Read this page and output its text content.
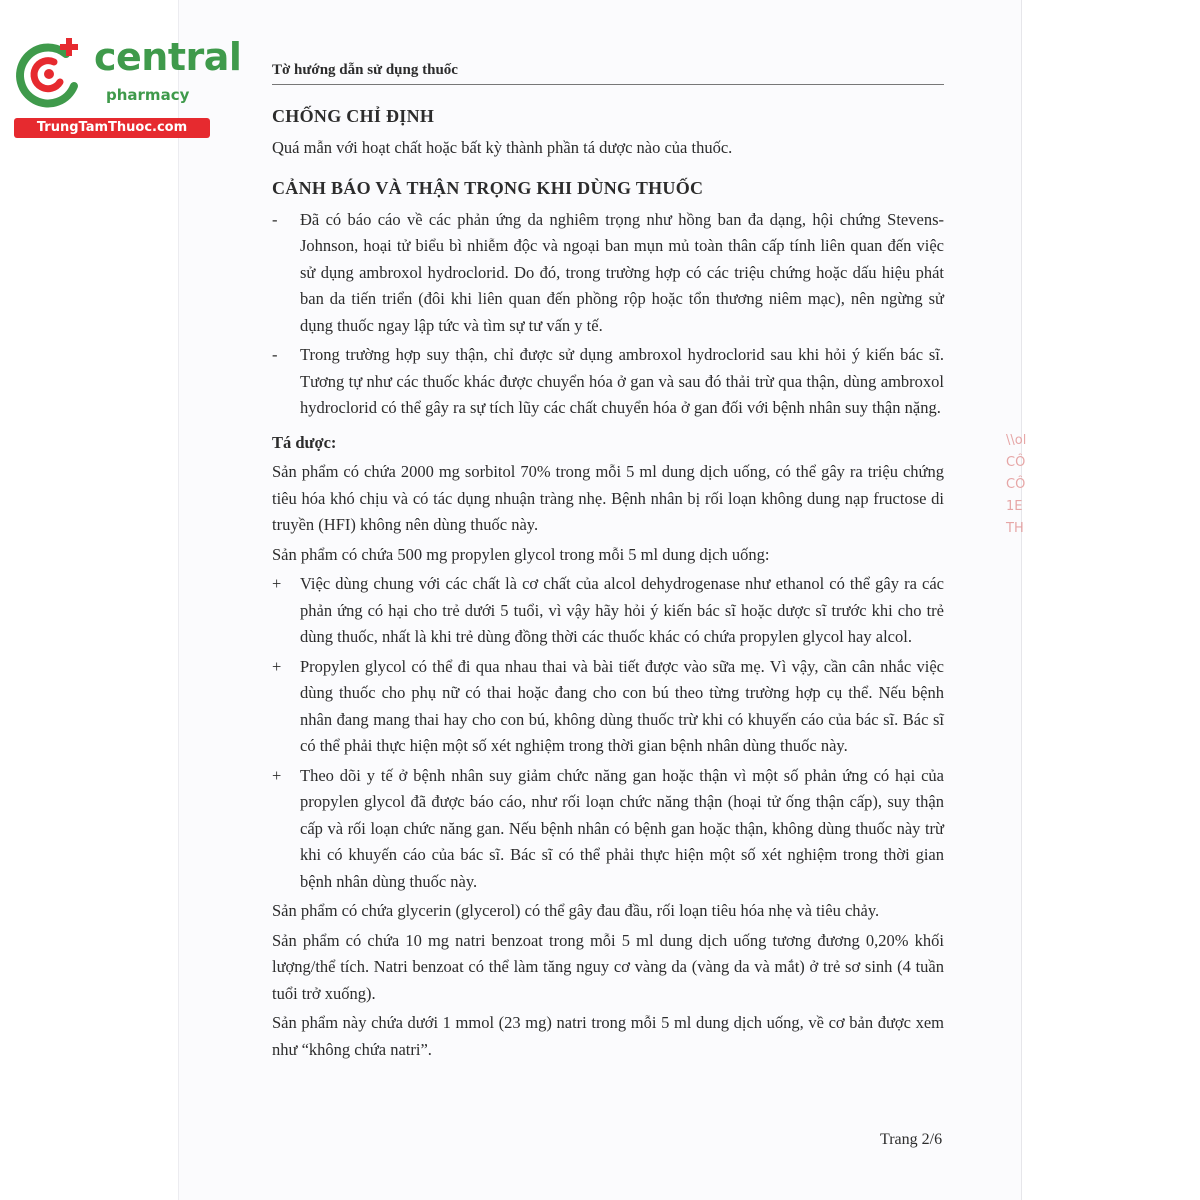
central
pharmacy
TrungTamThuoc.com
Tờ hướng dẫn sử dụng thuốc
CHỐNG CHỈ ĐỊNH
Quá mẫn với hoạt chất hoặc bất kỳ thành phần tá dược nào của thuốc.
CẢNH BÁO VÀ THẬN TRỌNG KHI DÙNG THUỐC
-	Đã có báo cáo về các phản ứng da nghiêm trọng như hồng ban đa dạng, hội chứng Stevens-Johnson, hoại tử biểu bì nhiễm độc và ngoại ban mụn mủ toàn thân cấp tính liên quan đến việc sử dụng ambroxol hydroclorid. Do đó, trong trường hợp có các triệu chứng hoặc dấu hiệu phát ban da tiến triển (đôi khi liên quan đến phồng rộp hoặc tổn thương niêm mạc), nên ngừng sử dụng thuốc ngay lập tức và tìm sự tư vấn y tế.
-	Trong trường hợp suy thận, chỉ được sử dụng ambroxol hydroclorid sau khi hỏi ý kiến bác sĩ. Tương tự như các thuốc khác được chuyển hóa ở gan và sau đó thải trừ qua thận, dùng ambroxol hydroclorid có thể gây ra sự tích lũy các chất chuyển hóa ở gan đối với bệnh nhân suy thận nặng.
Tá dược:
Sản phẩm có chứa 2000 mg sorbitol 70% trong mỗi 5 ml dung dịch uống, có thể gây ra triệu chứng tiêu hóa khó chịu và có tác dụng nhuận tràng nhẹ. Bệnh nhân bị rối loạn không dung nạp fructose di truyền (HFI) không nên dùng thuốc này.
Sản phẩm có chứa 500 mg propylen glycol trong mỗi 5 ml dung dịch uống:
+	Việc dùng chung với các chất là cơ chất của alcol dehydrogenase như ethanol có thể gây ra các phản ứng có hại cho trẻ dưới 5 tuổi, vì vậy hãy hỏi ý kiến bác sĩ hoặc dược sĩ trước khi cho trẻ dùng thuốc, nhất là khi trẻ dùng đồng thời các thuốc khác có chứa propylen glycol hay alcol.
+	Propylen glycol có thể đi qua nhau thai và bài tiết được vào sữa mẹ. Vì vậy, cần cân nhắc việc dùng thuốc cho phụ nữ có thai hoặc đang cho con bú theo từng trường hợp cụ thể. Nếu bệnh nhân đang mang thai hay cho con bú, không dùng thuốc trừ khi có khuyến cáo của bác sĩ. Bác sĩ có thể phải thực hiện một số xét nghiệm trong thời gian bệnh nhân dùng thuốc này.
+	Theo dõi y tế ở bệnh nhân suy giảm chức năng gan hoặc thận vì một số phản ứng có hại của propylen glycol đã được báo cáo, như rối loạn chức năng thận (hoại tử ống thận cấp), suy thận cấp và rối loạn chức năng gan. Nếu bệnh nhân có bệnh gan hoặc thận, không dùng thuốc này trừ khi có khuyến cáo của bác sĩ. Bác sĩ có thể phải thực hiện một số xét nghiệm trong thời gian bệnh nhân dùng thuốc này.
Sản phẩm có chứa glycerin (glycerol) có thể gây đau đầu, rối loạn tiêu hóa nhẹ và tiêu chảy.
Sản phẩm có chứa 10 mg natri benzoat trong mỗi 5 ml dung dịch uống tương đương 0,20% khối lượng/thể tích. Natri benzoat có thể làm tăng nguy cơ vàng da (vàng da và mắt) ở trẻ sơ sinh (4 tuần tuổi trở xuống).
Sản phẩm này chứa dưới 1 mmol (23 mg) natri trong mỗi 5 ml dung dịch uống, về cơ bản được xem như “không chứa natri”.
Trang 2/6
\\ol
CÔ
CÔ
1E
TH
